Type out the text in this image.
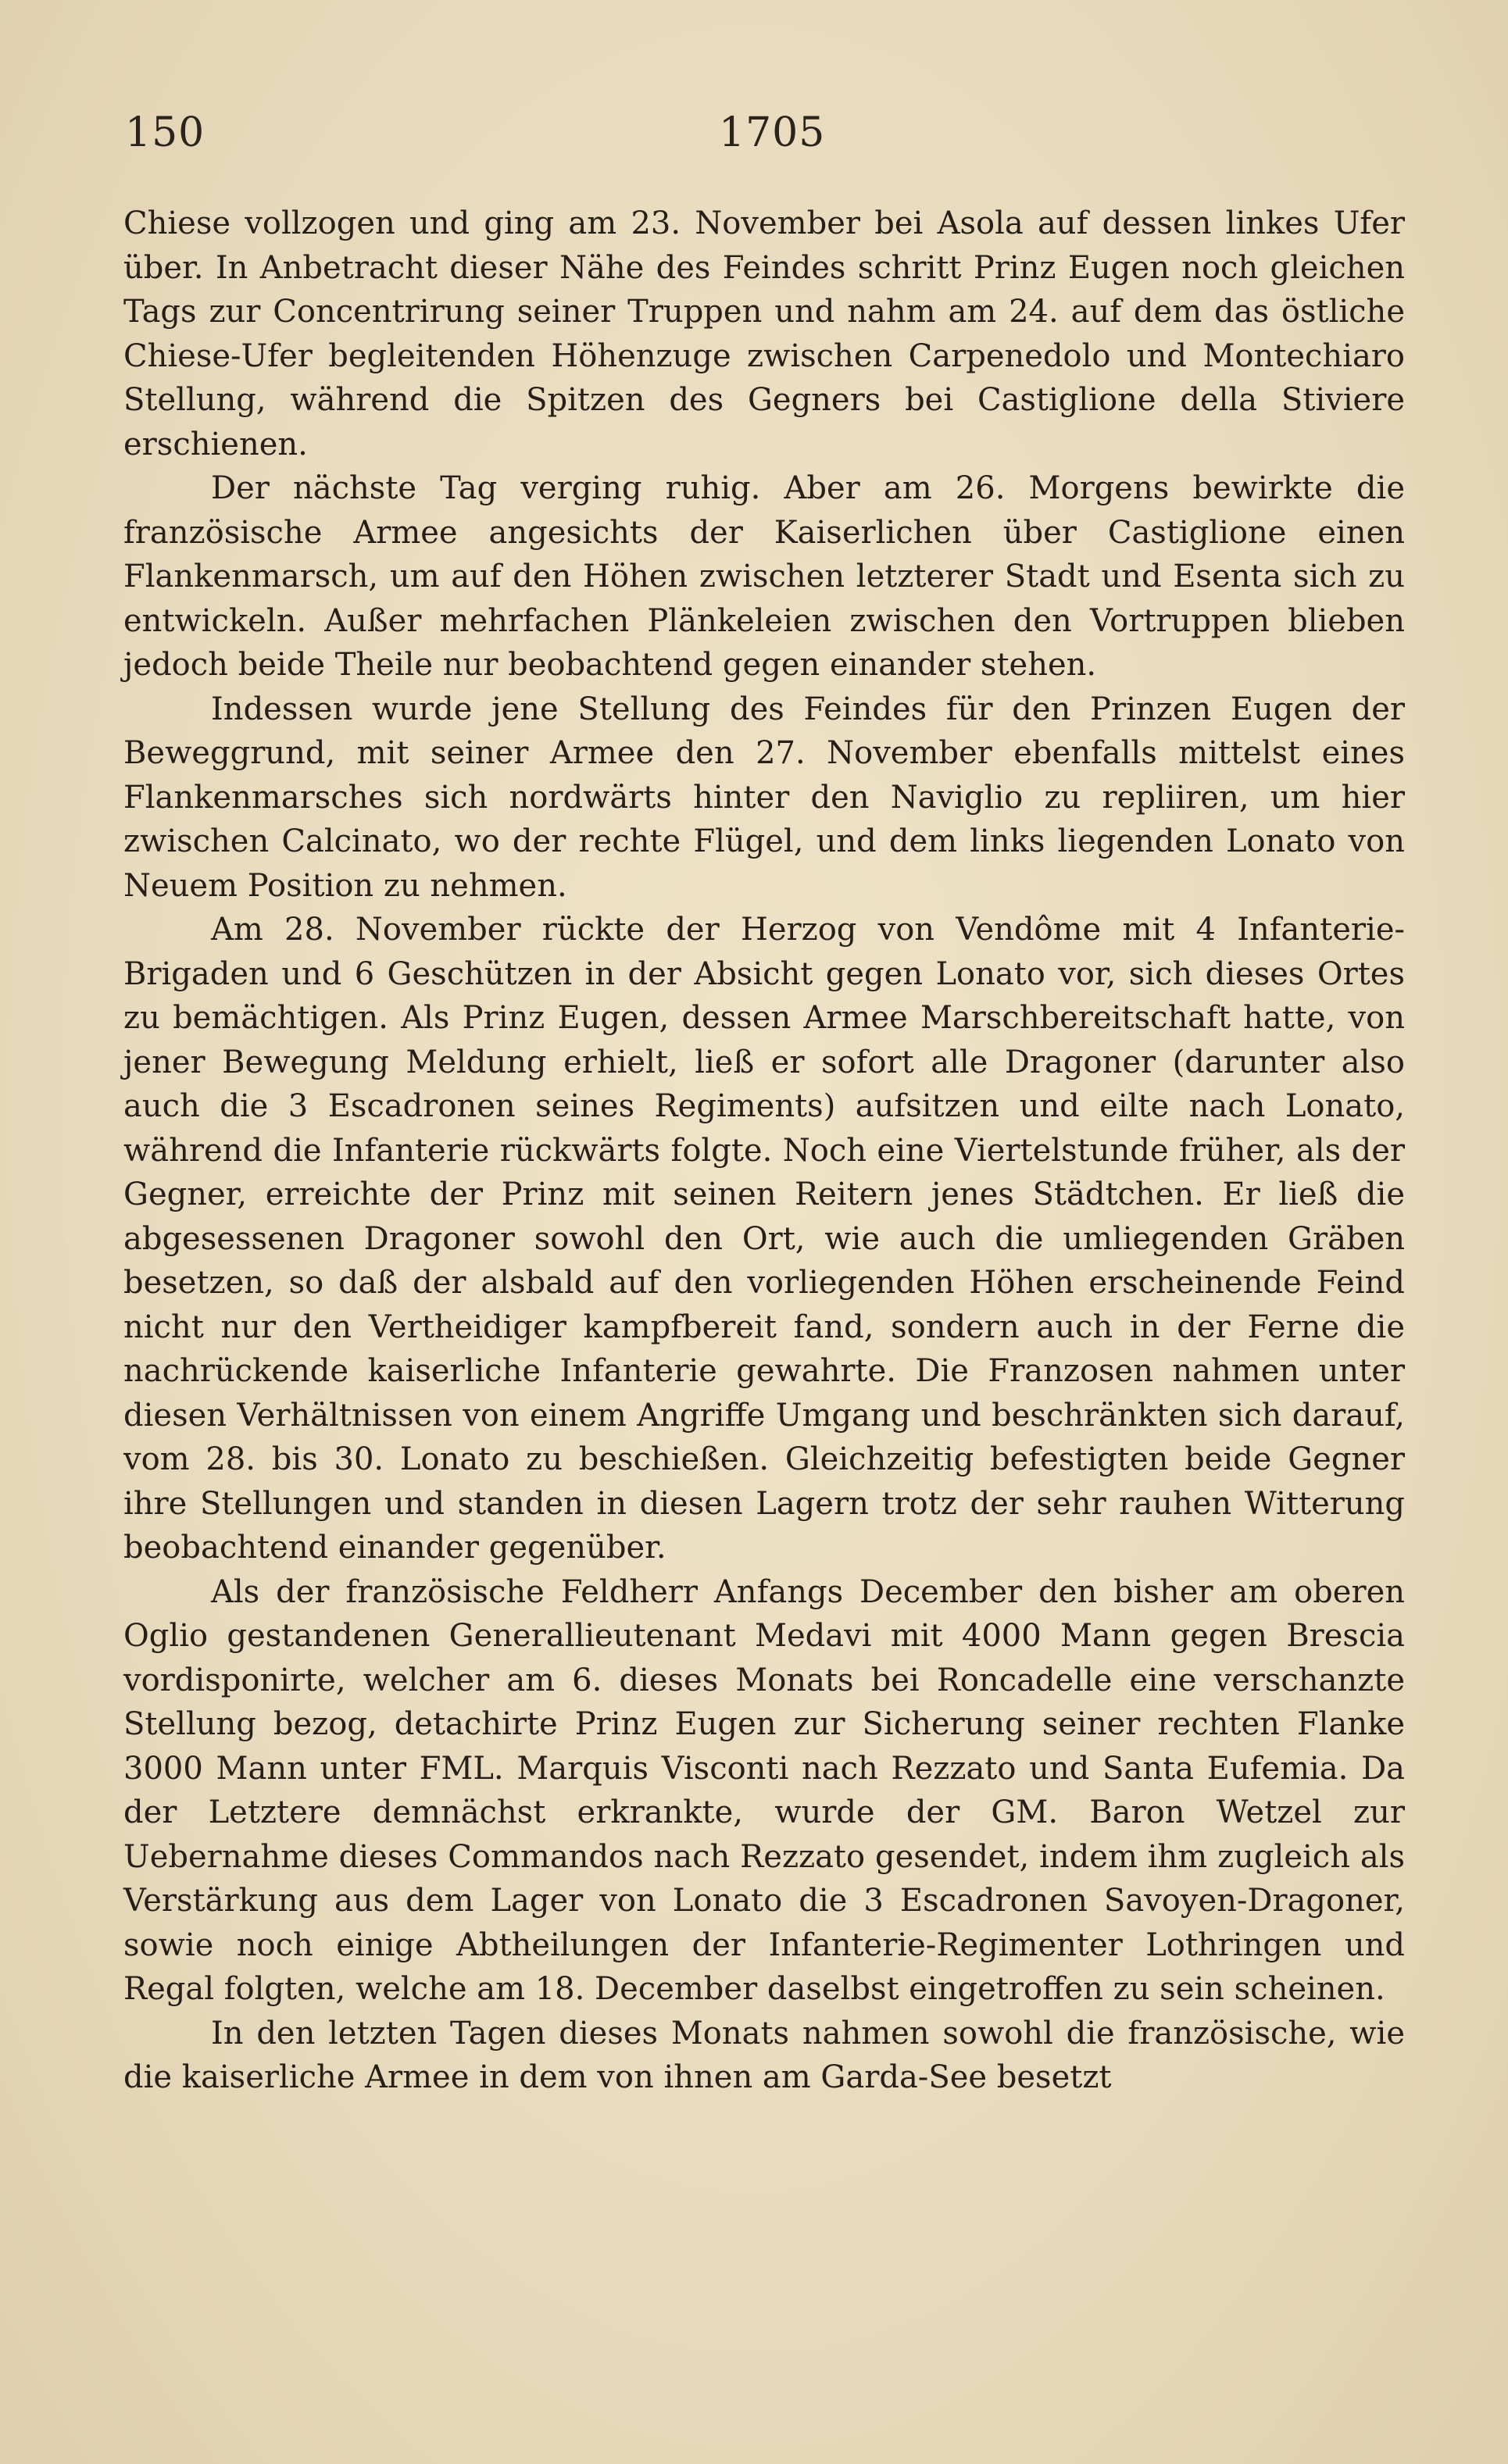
150	1705

Chiese vollzogen und ging am 23. November bei Asola auf dessen linkes Ufer über. In Anbetracht dieser Nähe des Feindes schritt Prinz Eugen noch gleichen Tags zur Concentrirung seiner Truppen und nahm am 24. auf dem das östliche Chiese-Ufer begleitenden Höhenzuge zwischen Carpenedolo und Montechiaro Stellung, während die Spitzen des Gegners bei Castiglione della Stiviere erschienen.

Der nächste Tag verging ruhig. Aber am 26. Morgens bewirkte die französische Armee angesichts der Kaiserlichen über Castiglione einen Flankenmarsch, um auf den Höhen zwischen letzterer Stadt und Esenta sich zu entwickeln. Außer mehrfachen Plänkeleien zwischen den Vortruppen blieben jedoch beide Theile nur beobachtend gegen einander stehen.

Indessen wurde jene Stellung des Feindes für den Prinzen Eugen der Beweggrund, mit seiner Armee den 27. November ebenfalls mittelst eines Flankenmarsches sich nordwärts hinter den Naviglio zu repliiren, um hier zwischen Calcinato, wo der rechte Flügel, und dem links liegenden Lonato von Neuem Position zu nehmen.

Am 28. November rückte der Herzog von Vendôme mit 4 Infanterie-Brigaden und 6 Geschützen in der Absicht gegen Lonato vor, sich dieses Ortes zu bemächtigen. Als Prinz Eugen, dessen Armee Marschbereitschaft hatte, von jener Bewegung Meldung erhielt, ließ er sofort alle Dragoner (darunter also auch die 3 Escadronen seines Regiments) aufsitzen und eilte nach Lonato, während die Infanterie rückwärts folgte. Noch eine Viertelstunde früher, als der Gegner, erreichte der Prinz mit seinen Reitern jenes Städtchen. Er ließ die abgesessenen Dragoner sowohl den Ort, wie auch die umliegenden Gräben besetzen, so daß der alsbald auf den vorliegenden Höhen erscheinende Feind nicht nur den Vertheidiger kampfbereit fand, sondern auch in der Ferne die nachrückende kaiserliche Infanterie gewahrte. Die Franzosen nahmen unter diesen Verhältnissen von einem Angriffe Umgang und beschränkten sich darauf, vom 28. bis 30. Lonato zu beschießen. Gleichzeitig befestigten beide Gegner ihre Stellungen und standen in diesen Lagern trotz der sehr rauhen Witterung beobachtend einander gegenüber.

Als der französische Feldherr Anfangs December den bisher am oberen Oglio gestandenen Generallieutenant Medavi mit 4000 Mann gegen Brescia vordisponirte, welcher am 6. dieses Monats bei Roncadelle eine verschanzte Stellung bezog, detachirte Prinz Eugen zur Sicherung seiner rechten Flanke 3000 Mann unter FML. Marquis Visconti nach Rezzato und Santa Eufemia. Da der Letztere demnächst erkrankte, wurde der GM. Baron Wetzel zur Uebernahme dieses Commandos nach Rezzato gesendet, indem ihm zugleich als Verstärkung aus dem Lager von Lonato die 3 Escadronen Savoyen-Dragoner, sowie noch einige Abtheilungen der Infanterie-Regimenter Lothringen und Regal folgten, welche am 18. December daselbst eingetroffen zu sein scheinen.

In den letzten Tagen dieses Monats nahmen sowohl die französische, wie die kaiserliche Armee in dem von ihnen am Garda-See besetzt
